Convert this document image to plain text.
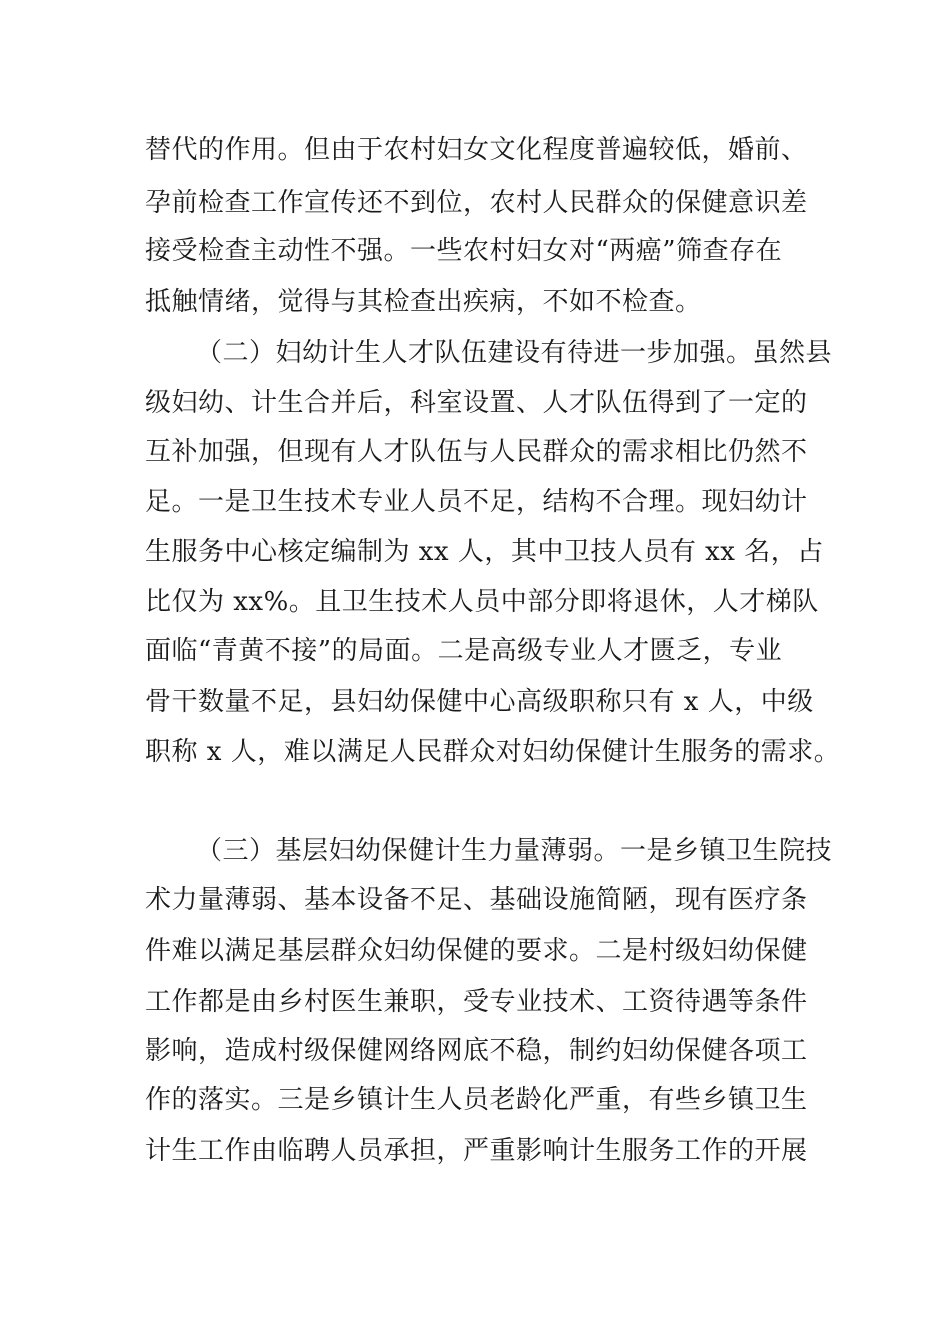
替代的作用。但由于农村妇女文化程度普遍较低，婚前、
孕前检查工作宣传还不到位，农村人民群众的保健意识差
接受检查主动性不强。一些农村妇女对“两癌”筛查存在
抵触情绪，觉得与其检查出疾病，不如不检查。
（二）妇幼计生人才队伍建设有待进一步加强。虽然县
级妇幼、计生合并后，科室设置、人才队伍得到了一定的
互补加强，但现有人才队伍与人民群众的需求相比仍然不
足。一是卫生技术专业人员不足，结构不合理。现妇幼计
生服务中心核定编制为 xx 人，其中卫技人员有 xx 名，占
比仅为 xx%。且卫生技术人员中部分即将退休，人才梯队
面临“青黄不接”的局面。二是高级专业人才匮乏，专业
骨干数量不足，县妇幼保健中心高级职称只有 x 人，中级
职称 x 人，难以满足人民群众对妇幼保健计生服务的需求。
（三）基层妇幼保健计生力量薄弱。一是乡镇卫生院技
术力量薄弱、基本设备不足、基础设施简陋，现有医疗条
件难以满足基层群众妇幼保健的要求。二是村级妇幼保健
工作都是由乡村医生兼职，受专业技术、工资待遇等条件
影响，造成村级保健网络网底不稳，制约妇幼保健各项工
作的落实。三是乡镇计生人员老龄化严重，有些乡镇卫生
计生工作由临聘人员承担，严重影响计生服务工作的开展
